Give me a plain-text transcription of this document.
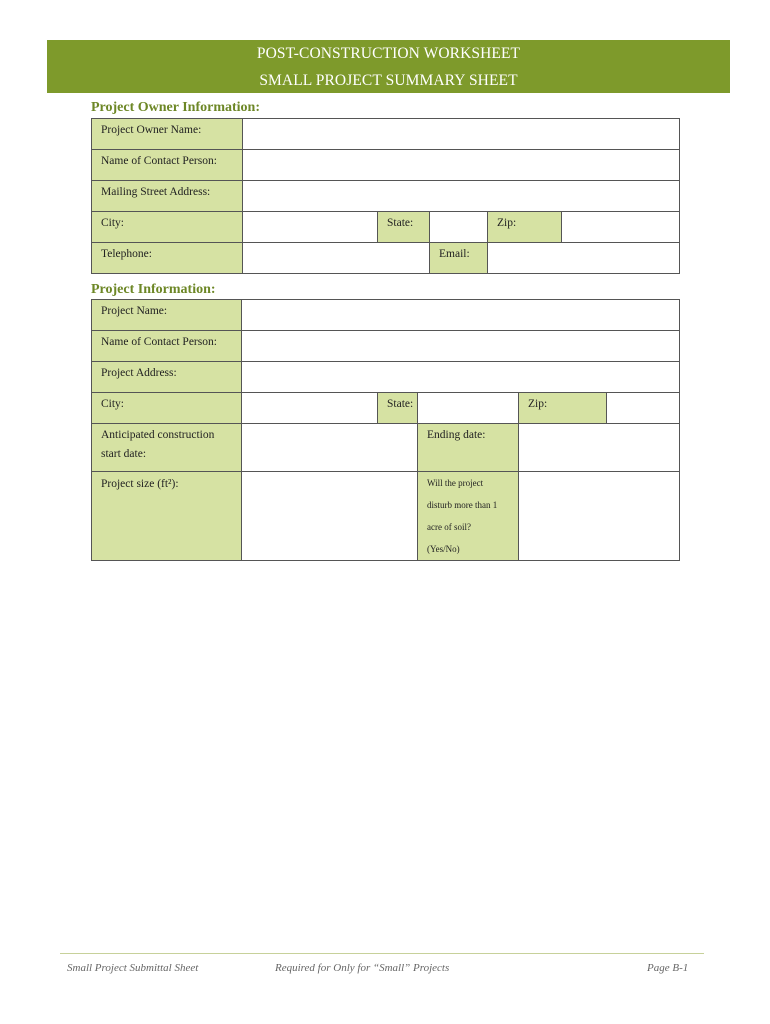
POST-CONSTRUCTION WORKSHEET
SMALL PROJECT SUMMARY SHEET
Project Owner Information:
Project Owner Name:					
Name of Contact Person:					
Mailing Street Address:					
City:		State:		Zip:	
Telephone:			Email:		
Project Information:
Project Name:					
Name of Contact Person:					
Project Address:					
City:		State:		Zip:	

Anticipated construction
start date:			Ending date:		
Project size (ft²):			Will the project
disturb more than 1
acre of soil?
(Yes/No)		

Small Project Submittal Sheet	Required for Only for “Small” Projects	Page B-1
